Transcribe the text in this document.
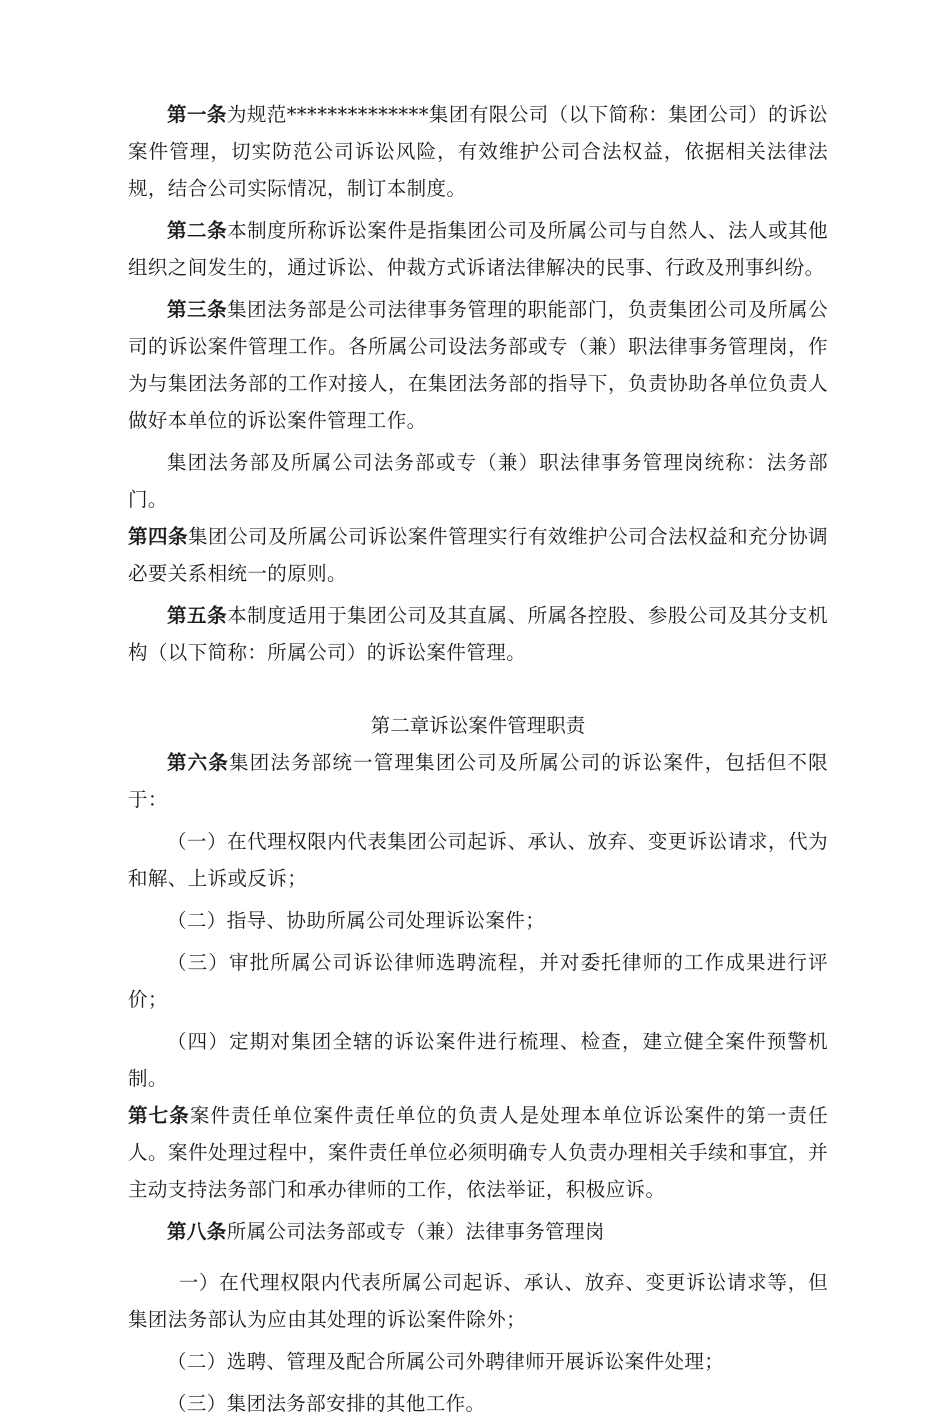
第一条为规范**************集团有限公司（以下简称：集团公司）的诉讼案件管理，切实防范公司诉讼风险，有效维护公司合法权益，依据相关法律法规，结合公司实际情况，制订本制度。

第二条本制度所称诉讼案件是指集团公司及所属公司与自然人、法人或其他组织之间发生的，通过诉讼、仲裁方式诉诸法律解决的民事、行政及刑事纠纷。

第三条集团法务部是公司法律事务管理的职能部门，负责集团公司及所属公司的诉讼案件管理工作。各所属公司设法务部或专（兼）职法律事务管理岗，作为与集团法务部的工作对接人，在集团法务部的指导下，负责协助各单位负责人做好本单位的诉讼案件管理工作。

集团法务部及所属公司法务部或专（兼）职法律事务管理岗统称：法务部门。

第四条集团公司及所属公司诉讼案件管理实行有效维护公司合法权益和充分协调必要关系相统一的原则。

第五条本制度适用于集团公司及其直属、所属各控股、参股公司及其分支机构（以下简称：所属公司）的诉讼案件管理。

第二章诉讼案件管理职责

第六条集团法务部统一管理集团公司及所属公司的诉讼案件，包括但不限于：

（一）在代理权限内代表集团公司起诉、承认、放弃、变更诉讼请求，代为和解、上诉或反诉；

（二）指导、协助所属公司处理诉讼案件；

（三）审批所属公司诉讼律师选聘流程，并对委托律师的工作成果进行评价；

（四）定期对集团全辖的诉讼案件进行梳理、检查，建立健全案件预警机制。

第七条案件责任单位案件责任单位的负责人是处理本单位诉讼案件的第一责任人。案件处理过程中，案件责任单位必须明确专人负责办理相关手续和事宜，并主动支持法务部门和承办律师的工作，依法举证，积极应诉。

第八条所属公司法务部或专（兼）法律事务管理岗

一）在代理权限内代表所属公司起诉、承认、放弃、变更诉讼请求等，但集团法务部认为应由其处理的诉讼案件除外；

（二）选聘、管理及配合所属公司外聘律师开展诉讼案件处理；

（三）集团法务部安排的其他工作。
